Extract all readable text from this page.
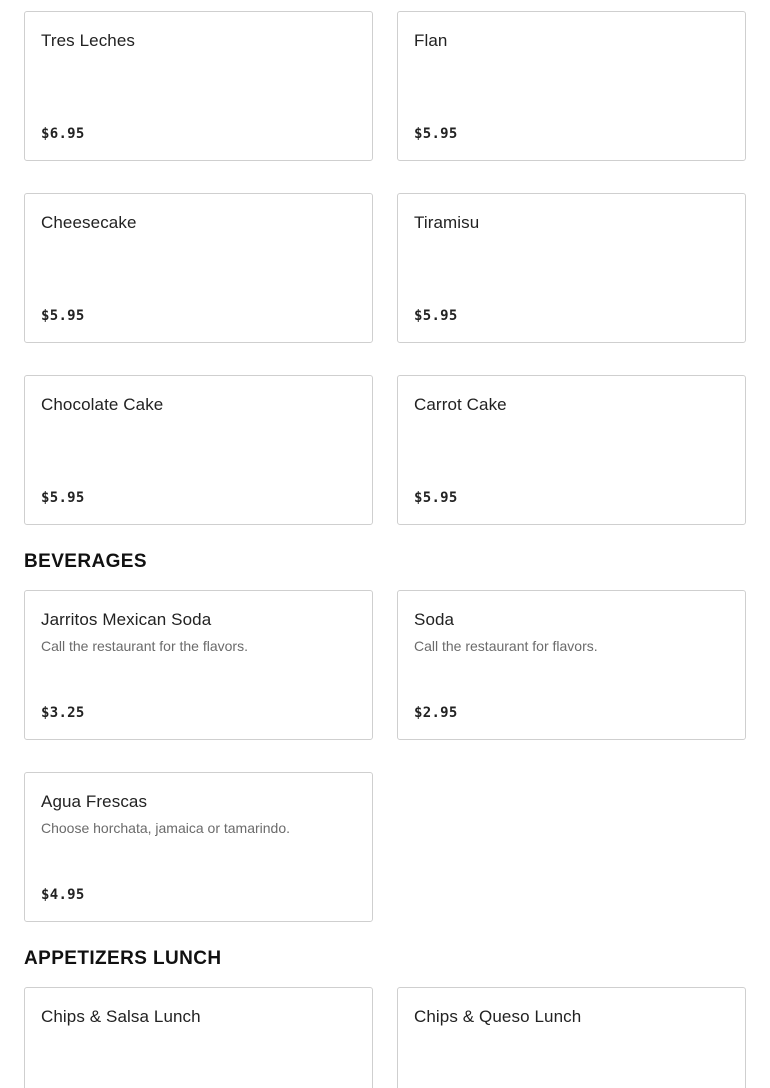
Tres Leches
$6.95
Flan
$5.95
Cheesecake
$5.95
Tiramisu
$5.95
Chocolate Cake
$5.95
Carrot Cake
$5.95
BEVERAGES
Jarritos Mexican Soda
Call the restaurant for the flavors.
$3.25
Soda
Call the restaurant for flavors.
$2.95
Agua Frescas
Choose horchata, jamaica or tamarindo.
$4.95
APPETIZERS LUNCH
Chips & Salsa Lunch	Chips & Queso Lunch
